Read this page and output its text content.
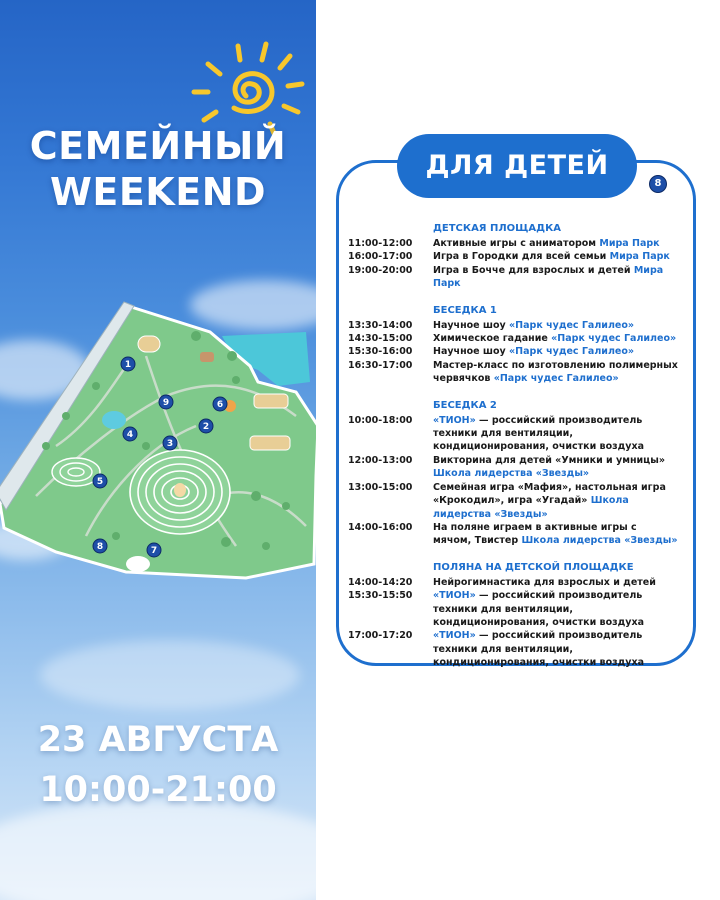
СЕМЕЙНЫЙ
WEEKEND
1
2
3
4
5
6
7
8
9
23 АВГУСТА
10:00-21:00
ДЛЯ ДЕТЕЙ
8
ДЕТСКАЯ ПЛОЩАДКА
11:00-12:00	Активные игры с аниматором Мира Парк
16:00-17:00	Игра в Городки для всей семьи Мира Парк
19:00-20:00	Игра в Бочче для взрослых и детей Мира Парк
БЕСЕДКА 1
13:30-14:00	Научное шоу «Парк чудес Галилео»
14:30-15:00	Химическое гадание «Парк чудес Галилео»
15:30-16:00	Научное шоу «Парк чудес Галилео»
16:30-17:00	Мастер-класс по изготовлению полимерных червячков «Парк чудес Галилео»
БЕСЕДКА 2
10:00-18:00	«ТИОН» — российский производитель техники для вентиляции, кондиционирования, очистки воздуха
12:00-13:00	Викторина для детей «Умники и умницы» Школа лидерства «Звезды»
13:00-15:00	Семейная игра «Мафия», настольная игра «Крокодил», игра «Угадай» Школа лидерства «Звезды»
14:00-16:00	На поляне играем в активные игры с мячом, Твистер Школа лидерства «Звезды»
ПОЛЯНА НА ДЕТСКОЙ ПЛОЩАДКЕ
14:00-14:20	Нейрогимнастика для взрослых и детей
15:30-15:50	«ТИОН» — российский производитель техники для вентиляции, кондиционирования, очистки воздуха
17:00-17:20	«ТИОН» — российский производитель техники для вентиляции, кондиционирования, очистки воздуха
